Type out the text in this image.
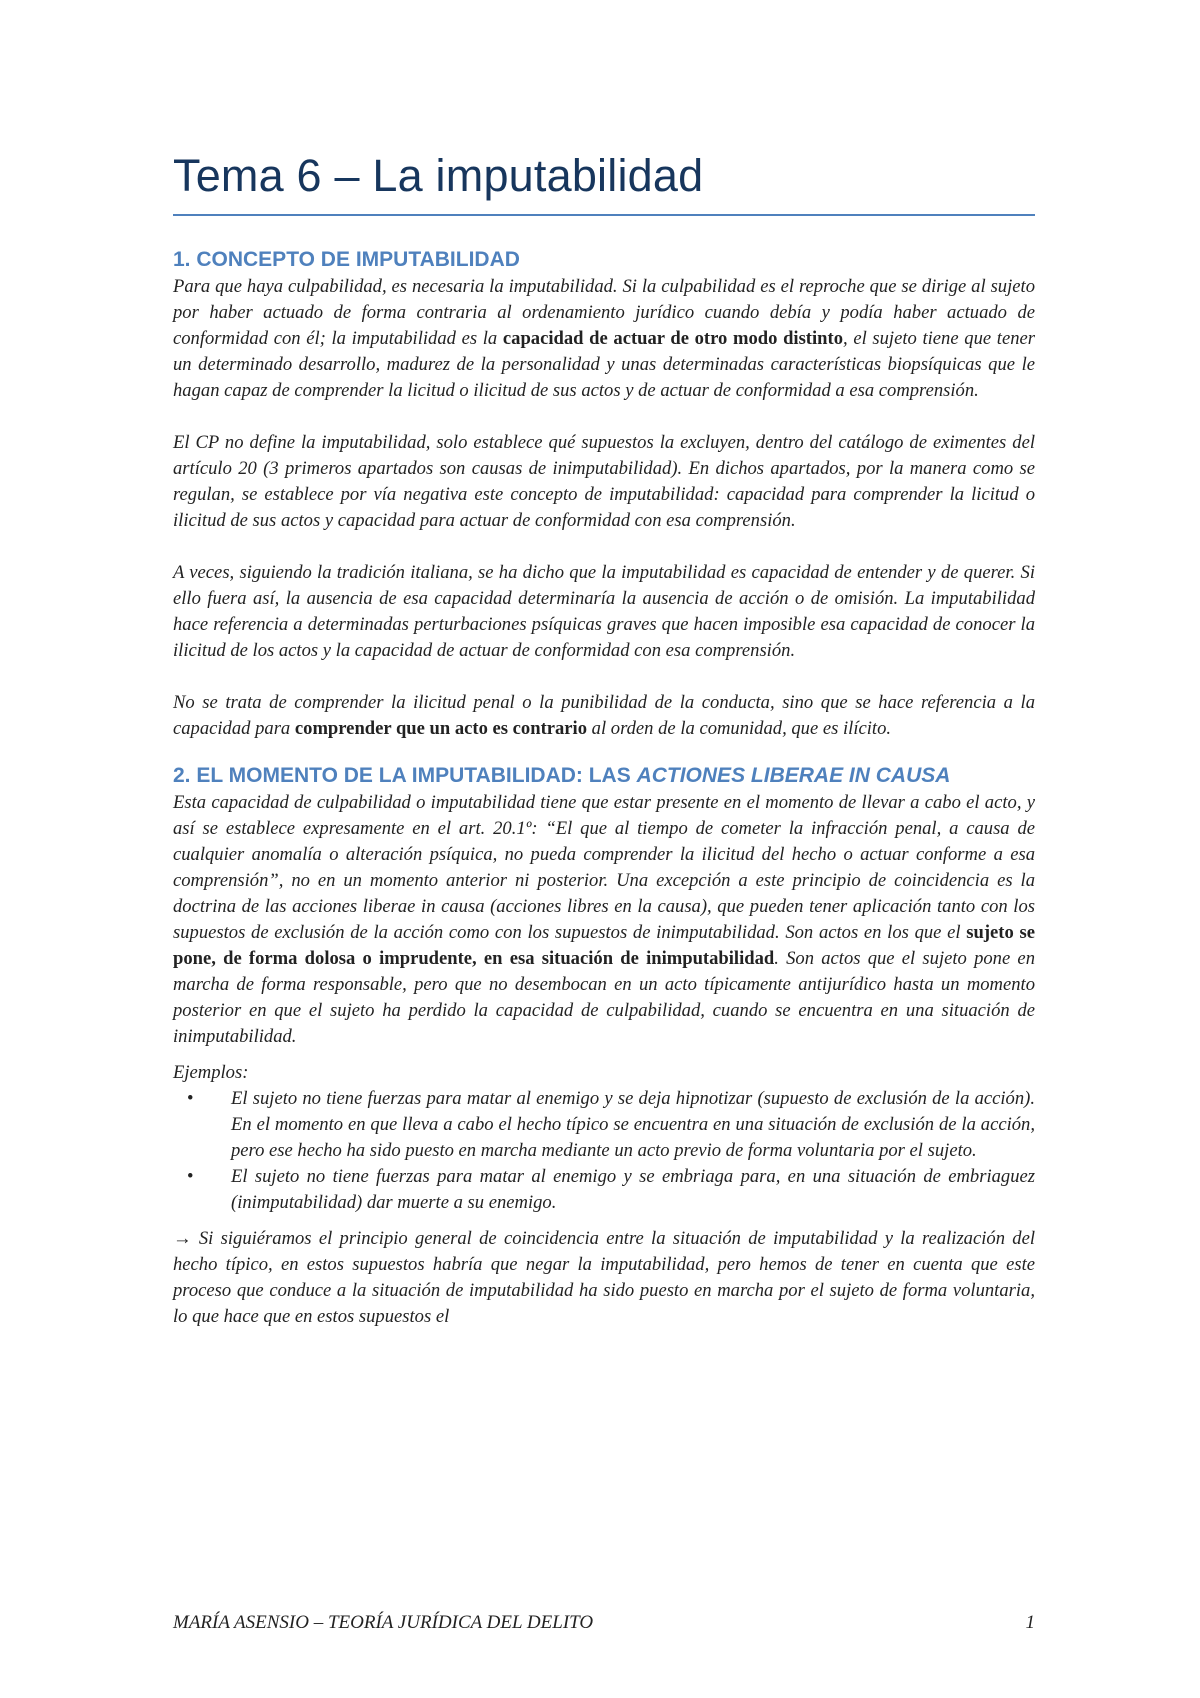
Tema 6 – La imputabilidad
1. CONCEPTO DE IMPUTABILIDAD

Para que haya culpabilidad, es necesaria la imputabilidad. Si la culpabilidad es el reproche que se dirige al sujeto por haber actuado de forma contraria al ordenamiento jurídico cuando debía y podía haber actuado de conformidad con él; la imputabilidad es la capacidad de actuar de otro modo distinto, el sujeto tiene que tener un determinado desarrollo, madurez de la personalidad y unas determinadas características biopsíquicas que le hagan capaz de comprender la licitud o ilicitud de sus actos y de actuar de conformidad a esa comprensión.

El CP no define la imputabilidad, solo establece qué supuestos la excluyen, dentro del catálogo de eximentes del artículo 20 (3 primeros apartados son causas de inimputabilidad). En dichos apartados, por la manera como se regulan, se establece por vía negativa este concepto de imputabilidad: capacidad para comprender la licitud o ilicitud de sus actos y capacidad para actuar de conformidad con esa comprensión.

A veces, siguiendo la tradición italiana, se ha dicho que la imputabilidad es capacidad de entender y de querer. Si ello fuera así, la ausencia de esa capacidad determinaría la ausencia de acción o de omisión. La imputabilidad hace referencia a determinadas perturbaciones psíquicas graves que hacen imposible esa capacidad de conocer la ilicitud de los actos y la capacidad de actuar de conformidad con esa comprensión.

No se trata de comprender la ilicitud penal o la punibilidad de la conducta, sino que se hace referencia a la capacidad para comprender que un acto es contrario al orden de la comunidad, que es ilícito.

2. EL MOMENTO DE LA IMPUTABILIDAD: LAS ACTIONES LIBERAE IN CAUSA

Esta capacidad de culpabilidad o imputabilidad tiene que estar presente en el momento de llevar a cabo el acto, y así se establece expresamente en el art. 20.1º: “El que al tiempo de cometer la infracción penal, a causa de cualquier anomalía o alteración psíquica, no pueda comprender la ilicitud del hecho o actuar conforme a esa comprensión”, no en un momento anterior ni posterior. Una excepción a este principio de coincidencia es la doctrina de las acciones liberae in causa (acciones libres en la causa), que pueden tener aplicación tanto con los supuestos de exclusión de la acción como con los supuestos de inimputabilidad. Son actos en los que el sujeto se pone, de forma dolosa o imprudente, en esa situación de inimputabilidad. Son actos que el sujeto pone en marcha de forma responsable, pero que no desembocan en un acto típicamente antijurídico hasta un momento posterior en que el sujeto ha perdido la capacidad de culpabilidad, cuando se encuentra en una situación de inimputabilidad.

Ejemplos:

• El sujeto no tiene fuerzas para matar al enemigo y se deja hipnotizar (supuesto de exclusión de la acción). En el momento en que lleva a cabo el hecho típico se encuentra en una situación de exclusión de la acción, pero ese hecho ha sido puesto en marcha mediante un acto previo de forma voluntaria por el sujeto.
• El sujeto no tiene fuerzas para matar al enemigo y se embriaga para, en una situación de embriaguez (inimputabilidad) dar muerte a su enemigo.

→ Si siguiéramos el principio general de coincidencia entre la situación de imputabilidad y la realización del hecho típico, en estos supuestos habría que negar la imputabilidad, pero hemos de tener en cuenta que este proceso que conduce a la situación de imputabilidad ha sido puesto en marcha por el sujeto de forma voluntaria, lo que hace que en estos supuestos el

MARÍA ASENSIO – TEORÍA JURÍDICA DEL DELITO	1
